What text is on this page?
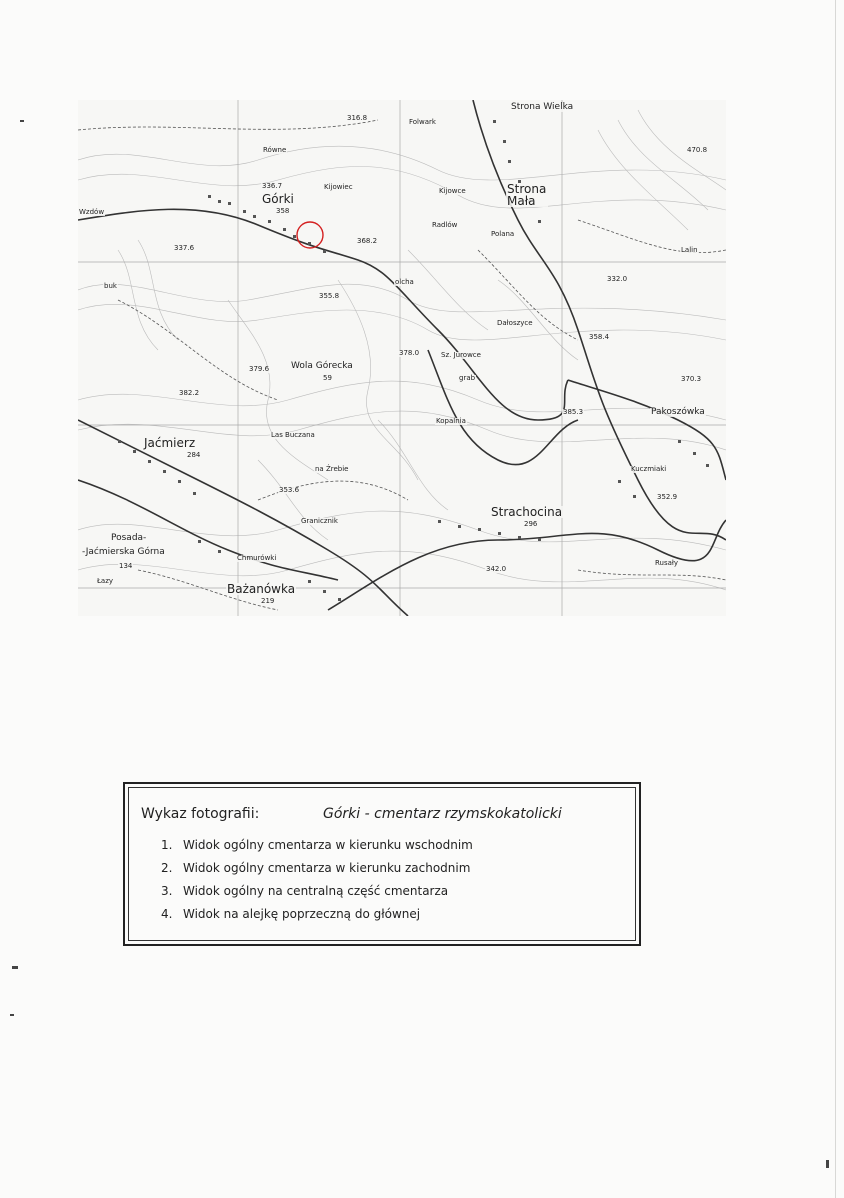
Górki
358
Równe
Kijowiec
Folwark
Strona Wielka
Strona Mała
Radlów
Polana
Kijowce
Wzdów
buk
Wola Górecka
59
Dałoszyce
Sz. Jurowce
grab
Jaćmierz
284
Las Buczana
na Źrebie
Kopalnia
Pakoszówka
Kuczmiaki
Strachocina
296
Granicznik
Posada-
-Jaćmierska Górna
134
Chmurówki
Bażanówka
219
Łazy
Rusały
Lalin
olcha
336.7
316.8
368.2
337.6
355.8
379.6
382.2
378.0
358.4
332.0
370.3
385.3
353.6
352.9
342.0
470.8
Wykaz fotografii:	Górki - cmentarz rzymskokatolicki
1. Widok ogólny cmentarza w kierunku wschodnim
2. Widok ogólny cmentarza w kierunku zachodnim
3. Widok ogólny na centralną część cmentarza
4. Widok na alejkę poprzeczną do głównej
